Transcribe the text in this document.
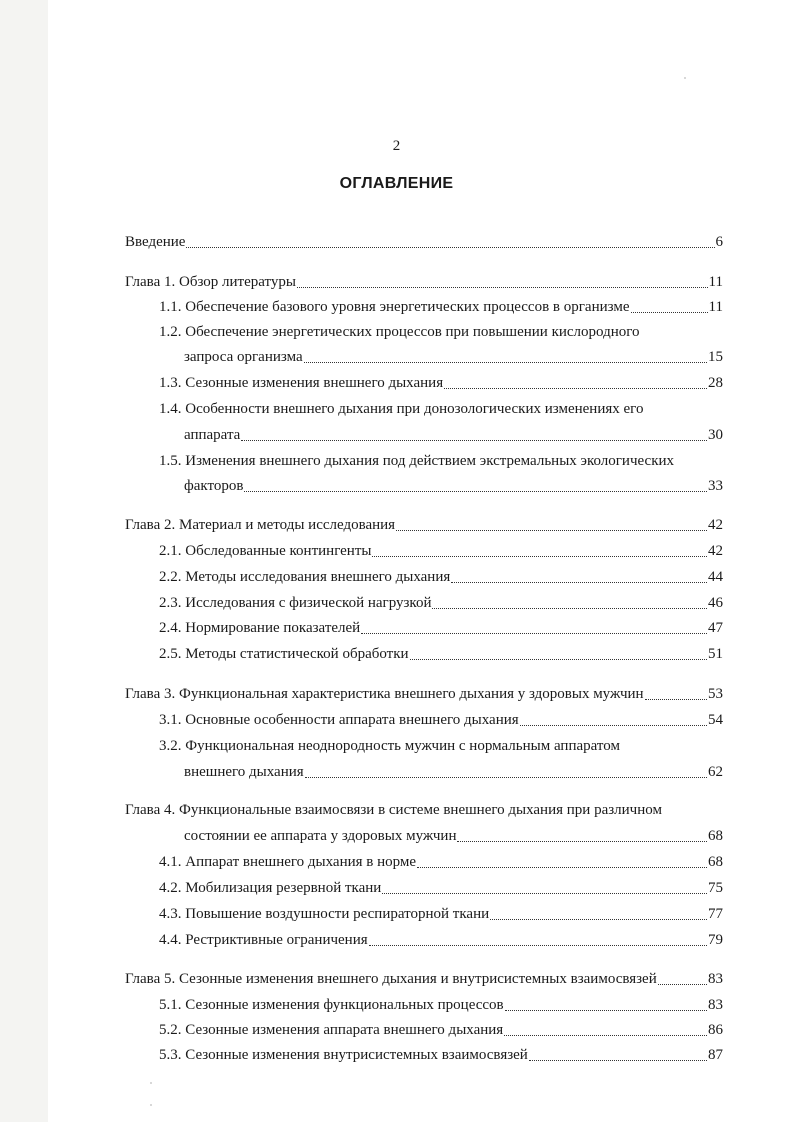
2
ОГЛАВЛЕНИЕ
Введение	6
Глава 1.
Обзор литературы	11
1.1.
Обеспечение базового уровня энергетических процессов в организме	11
1.2. Обеспечение энергетических процессов при повышении кислородного
запроса организма	15
1.3.
Сезонные изменения внешнего дыхания	28
1.4. Особенности внешнего дыхания при донозологических изменениях его
аппарата	30
1.5. Изменения внешнего дыхания под действием экстремальных экологических
факторов	33
Глава 2.
Материал и методы исследования	42
2.1.
Обследованные контингенты	42
2.2.
Методы исследования внешнего дыхания	44
2.3.
Исследования с физической нагрузкой	46
2.4.
Нормирование показателей	47
2.5.
Методы статистической обработки	51
Глава 3.
Функциональная характеристика внешнего дыхания у здоровых мужчин	53
3.1.
Основные особенности аппарата внешнего дыхания	54
3.2. Функциональная неоднородность мужчин с нормальным аппаратом
внешнего дыхания	62
Глава 4. Функциональные взаимосвязи в системе внешнего дыхания при различном
состоянии ее аппарата у здоровых мужчин	68
4.1.
Аппарат внешнего дыхания в норме	68
4.2.
Мобилизация резервной ткани	75
4.3.
Повышение воздушности респираторной ткани	77
4.4.
Рестриктивные ограничения	79
Глава 5.
Сезонные изменения внешнего дыхания и внутрисистемных взаимосвязей	83
5.1.
Сезонные изменения функциональных процессов	83
5.2.
Сезонные изменения аппарата внешнего дыхания	86
5.3.
Сезонные изменения внутрисистемных взаимосвязей	87
